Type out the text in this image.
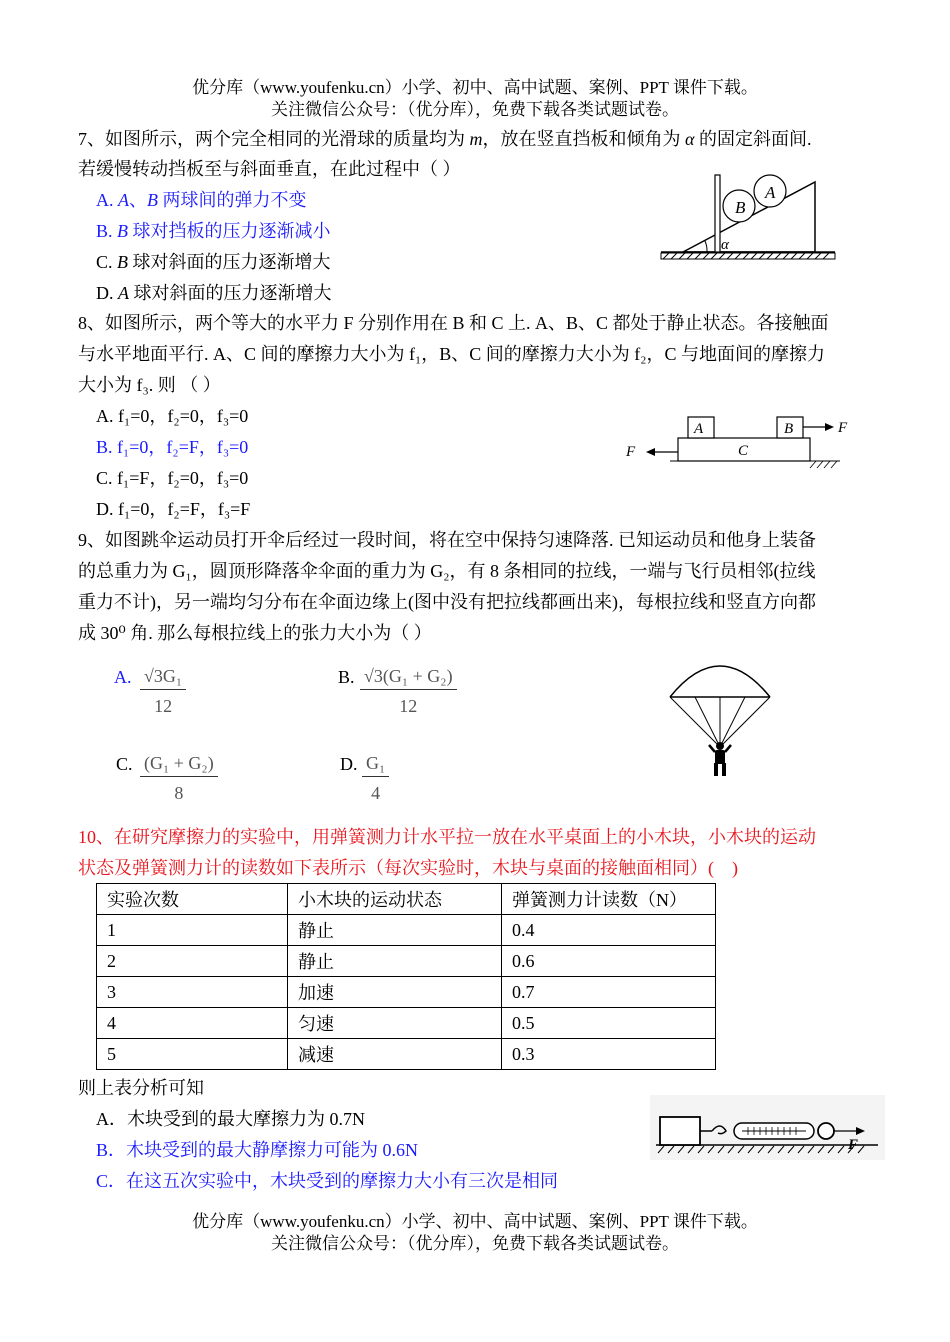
优分库（www.youfenku.cn）小学、初中、高中试题、案例、PPT 课件下载。
关注微信公众号：（优分库），免费下载各类试题试卷。
7、如图所示，两个完全相同的光滑球的质量均为 m，放在竖直挡板和倾角为 α 的固定斜面间.
若缓慢转动挡板至与斜面垂直，在此过程中（ ）
A. A、B 两球间的弹力不变
B. B 球对挡板的压力逐渐减小
C. B 球对斜面的压力逐渐增大
D. A 球对斜面的压力逐渐增大
B
A
α
8、如图所示，两个等大的水平力 F 分别作用在 B 和 C 上. A、B、C 都处于静止状态。各接触面
与水平地面平行. A、C 间的摩擦力大小为 f₁，B、C 间的摩擦力大小为 f₂，C 与地面间的摩擦力
大小为 f₃. 则 （ ）
A. f₁=0，f₂=0，f₃=0
B. f₁=0，f₂=F，f₃=0
C. f₁=F，f₂=0，f₃=0
D. f₁=0，f₂=F，f₃=F
A	B
C
F
F
9、如图跳伞运动员打开伞后经过一段时间，将在空中保持匀速降落. 已知运动员和他身上装备
的总重力为 G₁，圆顶形降落伞伞面的重力为 G₂，有 8 条相同的拉线，一端与飞行员相邻(拉线
重力不计)，另一端均匀分布在伞面边缘上(图中没有把拉线都画出来)，每根拉线和竖直方向都
成 30⁰ 角. 那么每根拉线上的张力大小为（ ）
A. $\frac{\text{√3G₁}}{12}$	B. $\frac{\text{√3(G₁ + G₂)}}{12}$
C. $\frac{\text{(G₁ + G₂)}}{8}$	D. $\frac{\text{G₁}}{4}$
10、在研究摩擦力的实验中，用弹簧测力计水平拉一放在水平桌面上的小木块，小木块的运动
状态及弹簧测力计的读数如下表所示（每次实验时，木块与桌面的接触面相同）(　)
实验次数	小木块的运动状态	弹簧测力计读数（N）
1	静止	0.4
2	静止	0.6
3	加速	0.7
4	匀速	0.5
5	减速	0.3
则上表分析可知
A．木块受到的最大摩擦力为 0.7N
B．木块受到的最大静摩擦力可能为 0.6N
C．在这五次实验中，木块受到的摩擦力大小有三次是相同
F
优分库（www.youfenku.cn）小学、初中、高中试题、案例、PPT 课件下载。
关注微信公众号：（优分库），免费下载各类试题试卷。
